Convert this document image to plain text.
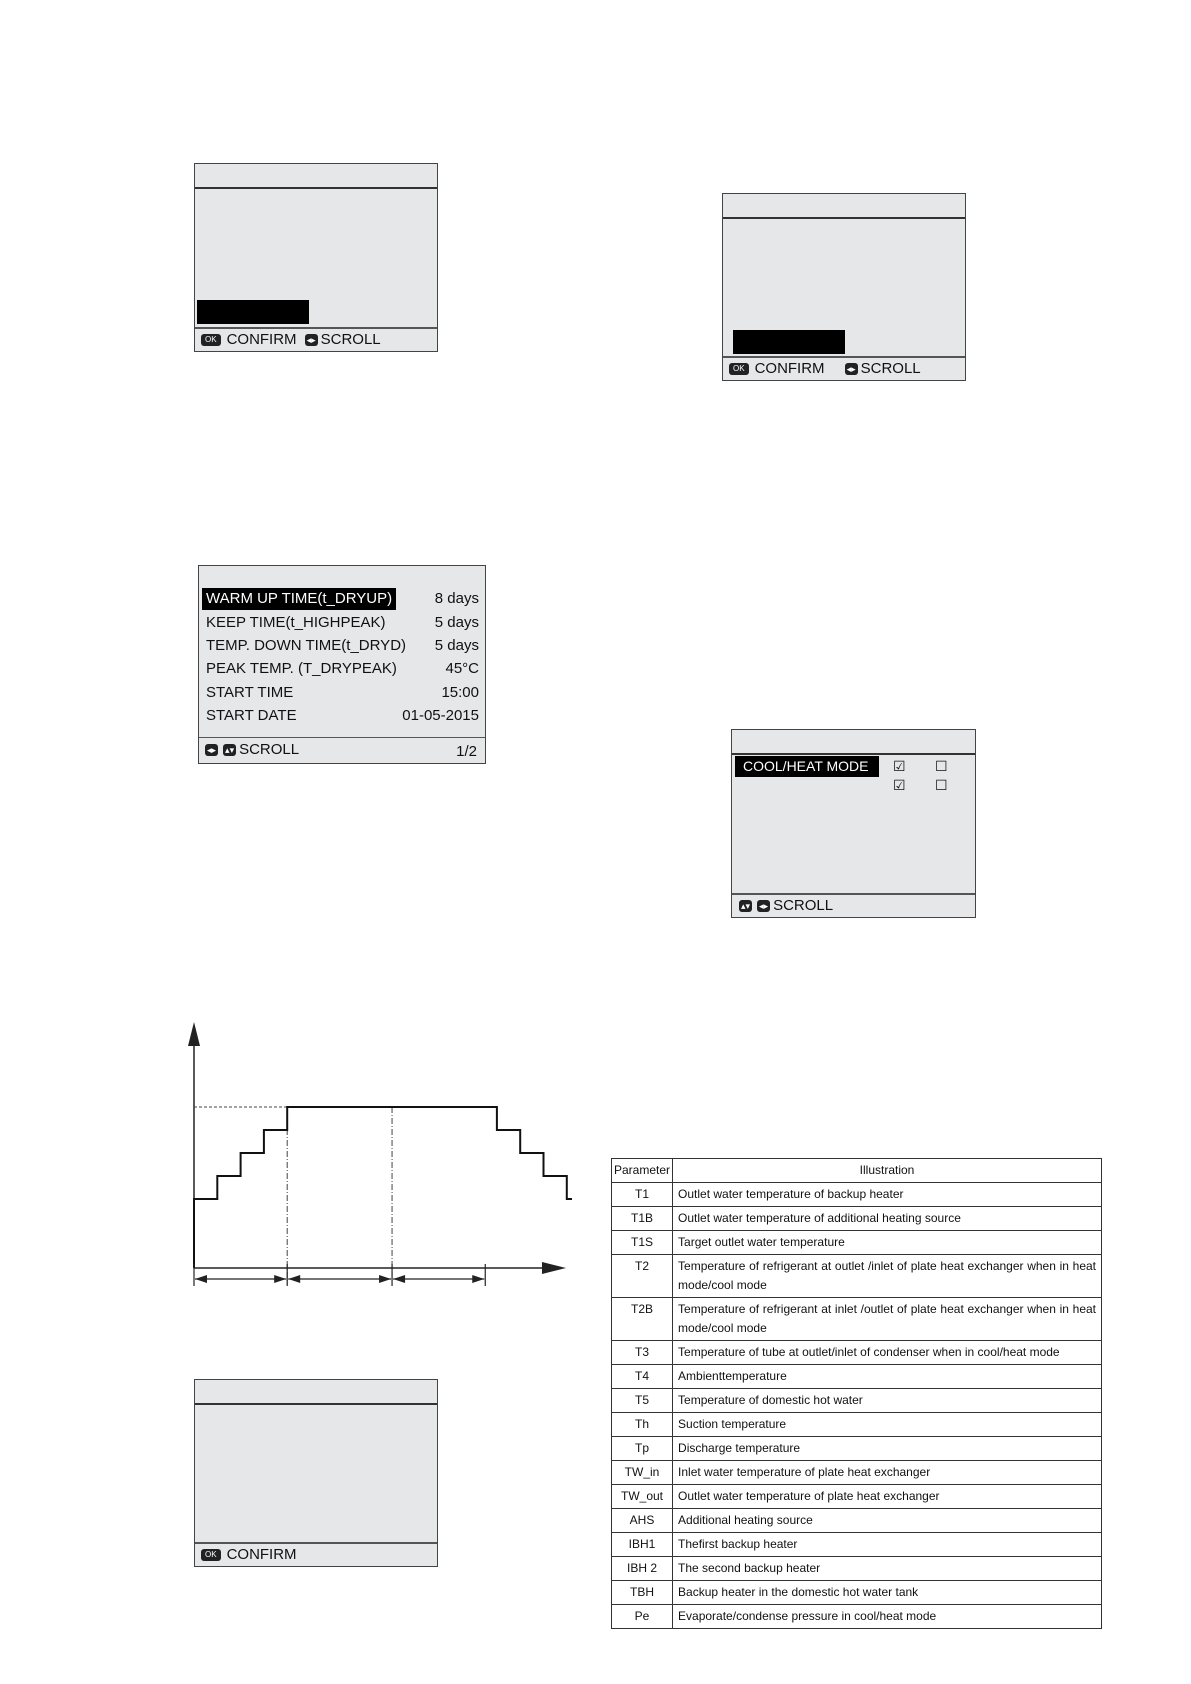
OK CONFIRM ◂▸ SCROLL
OK CONFIRM ◂▸ SCROLL
WARM UP TIME(t_DRYUP)	8 days
KEEP TIME(t_HIGHPEAK)	5 days
TEMP. DOWN TIME(t_DRYD) 5 days
PEAK TEMP. (T_DRYPEAK)	45°C
START TIME	15:00
START DATE	01-05-2015
◂▸ ▴▾ SCROLL	1/2
COOL/HEAT MODE ☑ ☐
☑ ☐
▴▾ ◂▸ SCROLL
OK CONFIRM
Parameter	Illustration
T1	Outlet water temperature of backup heater
T1B	Outlet water temperature of additional heating source
T1S	Target outlet water temperature
T2	Temperature of refrigerant at outlet /inlet of plate heat exchanger when in heat mode/cool mode
T2B	Temperature of refrigerant at inlet /outlet of plate heat exchanger when in heat mode/cool mode
T3	Temperature of tube at outlet/inlet of condenser when in cool/heat mode
T4	Ambienttemperature
T5	Temperature of domestic hot water
Th	Suction temperature
Tp	Discharge temperature
TW_in	Inlet water temperature of plate heat exchanger
TW_out	Outlet water temperature of plate heat exchanger
AHS	Additional heating source
IBH1	Thefirst backup heater
IBH 2	The second backup heater
TBH	Backup heater in the domestic hot water tank
Pe	Evaporate/condense pressure in cool/heat mode
